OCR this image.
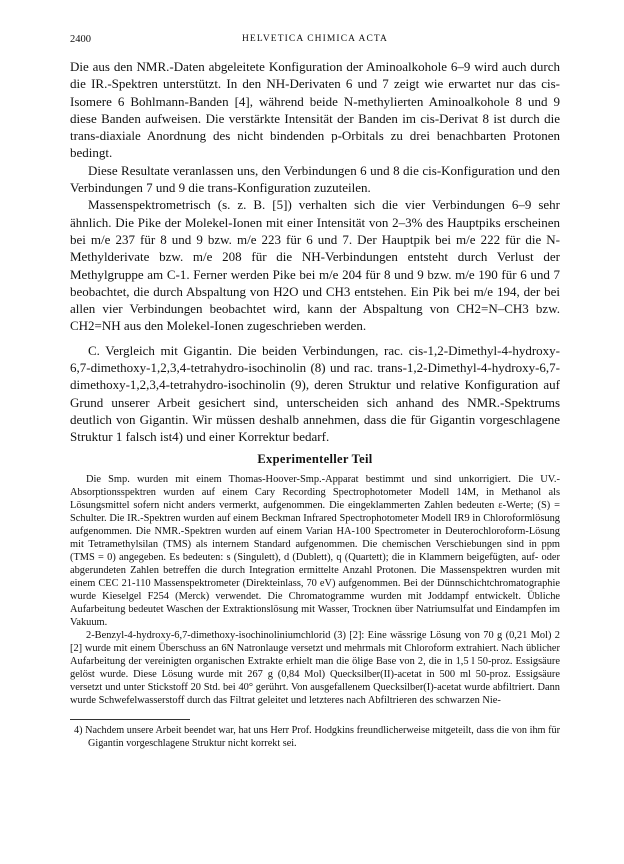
2400	HELVETICA CHIMICA ACTA

Die aus den NMR.-Daten abgeleitete Konfiguration der Aminoalkohole 6–9 wird auch durch die IR.-Spektren unterstützt. In den NH-Derivaten 6 und 7 zeigt wie erwartet nur das cis-Isomere 6 Bohlmann-Banden [4], während beide N-methylierten Aminoalkohole 8 und 9 diese Banden aufweisen. Die verstärkte Intensität der Banden im cis-Derivat 8 ist durch die trans-diaxiale Anordnung des nicht bindenden p-Orbitals zu drei benachbarten Protonen bedingt.

Diese Resultate veranlassen uns, den Verbindungen 6 und 8 die cis-Konfiguration und den Verbindungen 7 und 9 die trans-Konfiguration zuzuteilen.

Massenspektrometrisch (s. z. B. [5]) verhalten sich die vier Verbindungen 6–9 sehr ähnlich. Die Pike der Molekel-Ionen mit einer Intensität von 2–3% des Hauptpiks erscheinen bei m/e 237 für 8 und 9 bzw. m/e 223 für 6 und 7. Der Hauptpik bei m/e 222 für die N-Methylderivate bzw. m/e 208 für die NH-Verbindungen entsteht durch Verlust der Methylgruppe am C-1. Ferner werden Pike bei m/e 204 für 8 und 9 bzw. m/e 190 für 6 und 7 beobachtet, die durch Abspaltung von H2O und CH3 entstehen. Ein Pik bei m/e 194, der bei allen vier Verbindungen beobachtet wird, kann der Abspaltung von CH2=N–CH3 bzw. CH2=NH aus den Molekel-Ionen zugeschrieben werden.

C. Vergleich mit Gigantin. Die beiden Verbindungen, rac. cis-1,2-Dimethyl-4-hydroxy-6,7-dimethoxy-1,2,3,4-tetrahydro-isochinolin (8) und rac. trans-1,2-Dimethyl-4-hydroxy-6,7-dimethoxy-1,2,3,4-tetrahydro-isochinolin (9), deren Struktur und relative Konfiguration auf Grund unserer Arbeit gesichert sind, unterscheiden sich anhand des NMR.-Spektrums deutlich von Gigantin. Wir müssen deshalb annehmen, dass die für Gigantin vorgeschlagene Struktur 1 falsch ist4) und einer Korrektur bedarf.

Experimenteller Teil

Die Smp. wurden mit einem Thomas-Hoover-Smp.-Apparat bestimmt und sind unkorrigiert. Die UV.-Absorptionsspektren wurden auf einem Cary Recording Spectrophotometer Modell 14M, in Methanol als Lösungsmittel sofern nicht anders vermerkt, aufgenommen. Die eingeklammerten Zahlen bedeuten ε-Werte; (S) = Schulter. Die IR.-Spektren wurden auf einem Beckman Infrared Spectrophotometer Modell IR9 in Chloroformlösung aufgenommen. Die NMR.-Spektren wurden auf einem Varian HA-100 Spectrometer in Deuterochloroform-Lösung mit Tetramethylsilan (TMS) als internem Standard aufgenommen. Die chemischen Verschiebungen sind in ppm (TMS = 0) angegeben. Es bedeuten: s (Singulett), d (Dublett), q (Quartett); die in Klammern beigefügten, auf- oder abgerundeten Zahlen betreffen die durch Integration ermittelte Anzahl Protonen. Die Massenspektren wurden mit einem CEC 21-110 Massenspektrometer (Direkteinlass, 70 eV) aufgenommen. Bei der Dünnschichtchromatographie wurde Kieselgel F254 (Merck) verwendet. Die Chromatogramme wurden mit Joddampf entwickelt. Übliche Aufarbeitung bedeutet Waschen der Extraktionslösung mit Wasser, Trocknen über Natriumsulfat und Eindampfen im Vakuum.

2-Benzyl-4-hydroxy-6,7-dimethoxy-isochinoliniumchlorid (3) [2]: Eine wässrige Lösung von 70 g (0,21 Mol) 2 [2] wurde mit einem Überschuss an 6N Natronlauge versetzt und mehrmals mit Chloroform extrahiert. Nach üblicher Aufarbeitung der vereinigten organischen Extrakte erhielt man die ölige Base von 2, die in 1,5 l 50-proz. Essigsäure gelöst wurde. Diese Lösung wurde mit 267 g (0,84 Mol) Quecksilber(II)-acetat in 500 ml 50-proz. Essigsäure versetzt und unter Stickstoff 20 Std. bei 40° gerührt. Von ausgefallenem Quecksilber(I)-acetat wurde abfiltriert. Dann wurde Schwefelwasserstoff durch das Filtrat geleitet und letzteres nach Abfiltrieren des schwarzen Nie-

4) Nachdem unsere Arbeit beendet war, hat uns Herr Prof. Hodgkins freundlicherweise mitgeteilt, dass die von ihm für Gigantin vorgeschlagene Struktur nicht korrekt sei.
